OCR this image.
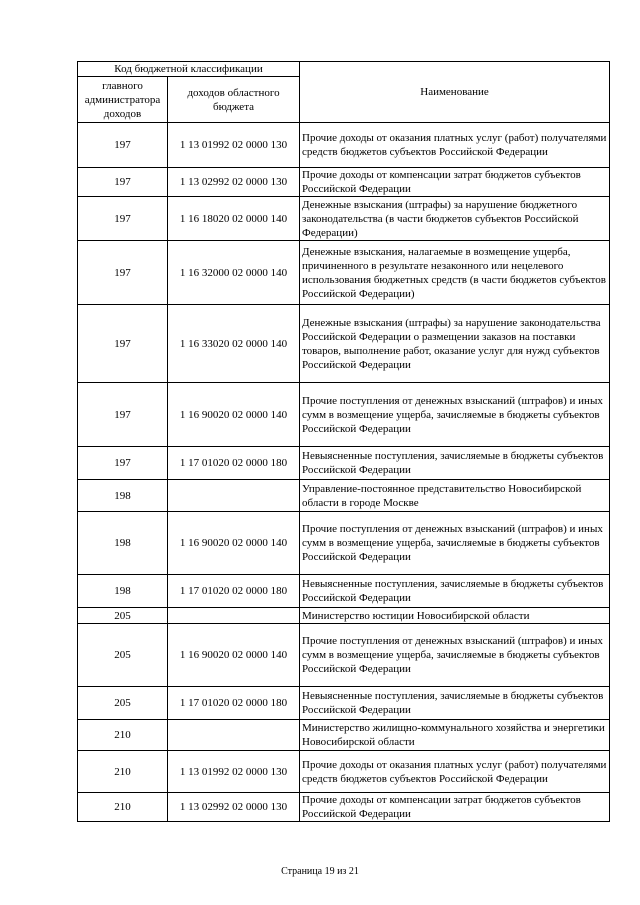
Код бюджетной классификации		Наименование
главного администратора доходов	доходов областного бюджета	
197	1 13 01992 02 0000 130	Прочие доходы от оказания платных услуг (работ) получателями средств бюджетов субъектов Российской Федерации
197	1 13 02992 02 0000 130	Прочие доходы от компенсации затрат бюджетов субъектов Российской Федерации
197	1 16 18020 02 0000 140	Денежные взыскания (штрафы) за нарушение бюджетного законодательства (в части бюджетов субъектов Российской Федерации)
197	1 16 32000 02 0000 140	Денежные взыскания, налагаемые в возмещение ущерба, причиненного в результате незаконного или нецелевого использования бюджетных средств (в части бюджетов субъектов Российской Федерации)
197	1 16 33020 02 0000 140	Денежные взыскания (штрафы) за нарушение законодательства Российской Федерации о размещении заказов на поставки товаров, выполнение работ, оказание услуг для нужд субъектов Российской Федерации
197	1 16 90020 02 0000 140	Прочие поступления от денежных взысканий (штрафов) и иных сумм в возмещение ущерба, зачисляемые в бюджеты субъектов Российской Федерации
197	1 17 01020 02 0000 180	Невыясненные поступления, зачисляемые в бюджеты субъектов Российской Федерации
198		Управление-постоянное представительство Новосибирской области в городе Москве
198	1 16 90020 02 0000 140	Прочие поступления от денежных взысканий (штрафов) и иных сумм в возмещение ущерба, зачисляемые в бюджеты субъектов Российской Федерации
198	1 17 01020 02 0000 180	Невыясненные поступления, зачисляемые в бюджеты субъектов Российской Федерации
205		Министерство юстиции Новосибирской области
205	1 16 90020 02 0000 140	Прочие поступления от денежных взысканий (штрафов) и иных сумм в возмещение ущерба, зачисляемые в бюджеты субъектов Российской Федерации
205	1 17 01020 02 0000 180	Невыясненные поступления, зачисляемые в бюджеты субъектов Российской Федерации
210		Министерство жилищно-коммунального хозяйства и энергетики Новосибирской области
210	1 13 01992 02 0000 130	Прочие доходы от оказания платных услуг (работ) получателями средств бюджетов субъектов Российской Федерации
210	1 13 02992 02 0000 130	Прочие доходы от компенсации затрат бюджетов субъектов Российской Федерации
Страница 19 из 21
